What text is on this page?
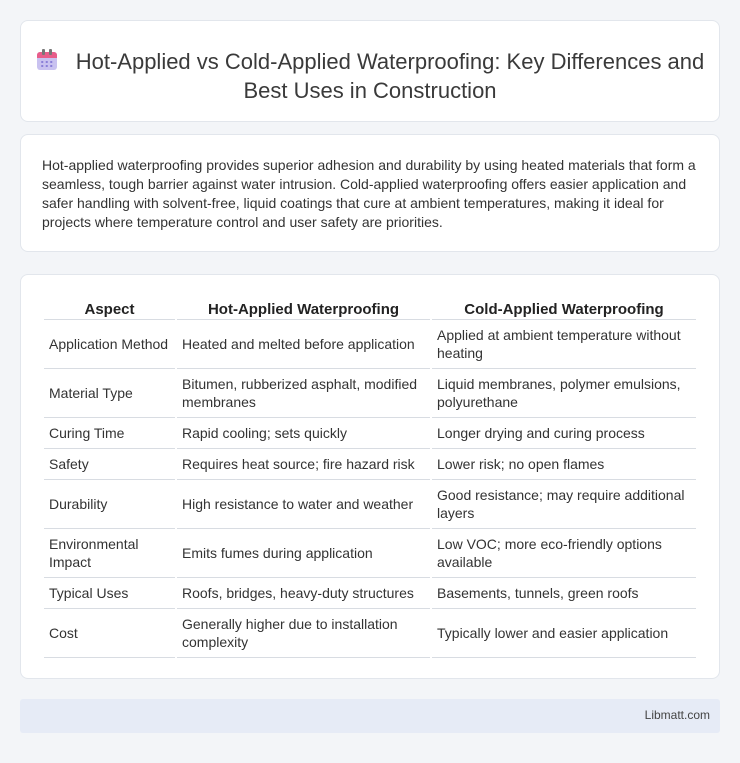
Hot-Applied vs Cold-Applied Waterproofing: Key Differences and Best Uses in Construction

Hot-applied waterproofing provides superior adhesion and durability by using heated materials that form a seamless, tough barrier against water intrusion. Cold-applied waterproofing offers easier application and safer handling with solvent-free, liquid coatings that cure at ambient temperatures, making it ideal for projects where temperature control and user safety are priorities.

Aspect	Hot-Applied Waterproofing	Cold-Applied Waterproofing
Application Method	Heated and melted before application	Applied at ambient temperature without heating
Material Type	Bitumen, rubberized asphalt, modified membranes	Liquid membranes, polymer emulsions, polyurethane
Curing Time	Rapid cooling; sets quickly	Longer drying and curing process
Safety	Requires heat source; fire hazard risk	Lower risk; no open flames
Durability	High resistance to water and weather	Good resistance; may require additional layers
Environmental Impact	Emits fumes during application	Low VOC; more eco-friendly options available
Typical Uses	Roofs, bridges, heavy-duty structures	Basements, tunnels, green roofs
Cost	Generally higher due to installation complexity	Typically lower and easier application
Libmatt.com
